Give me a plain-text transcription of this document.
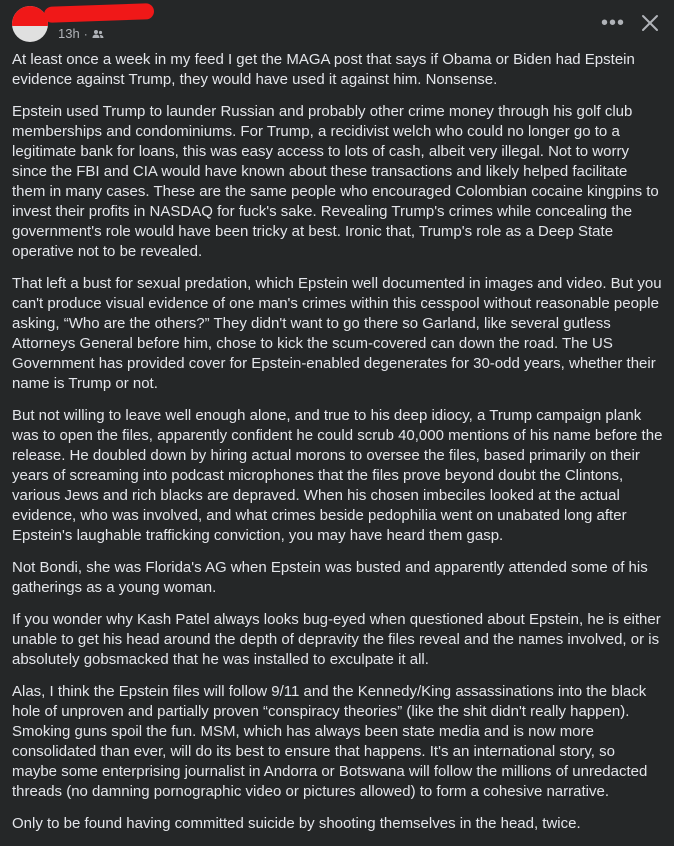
13h ·	•••

At least once a week in my feed I get the MAGA post that says if Obama or Biden had Epstein evidence against Trump, they would have used it against him. Nonsense.

Epstein used Trump to launder Russian and probably other crime money through his golf club memberships and condominiums. For Trump, a recidivist welch who could no longer go to a legitimate bank for loans, this was easy access to lots of cash, albeit very illegal. Not to worry since the FBI and CIA would have known about these transactions and likely helped facilitate them in many cases. These are the same people who encouraged Colombian cocaine kingpins to invest their profits in NASDAQ for fuck's sake. Revealing Trump's crimes while concealing the government's role would have been tricky at best. Ironic that, Trump's role as a Deep State operative not to be revealed.

That left a bust for sexual predation, which Epstein well documented in images and video. But you can't produce visual evidence of one man's crimes within this cesspool without reasonable people asking, “Who are the others?” They didn't want to go there so Garland, like several gutless Attorneys General before him, chose to kick the scum-covered can down the road. The US Government has provided cover for Epstein-enabled degenerates for 30-odd years, whether their name is Trump or not.

But not willing to leave well enough alone, and true to his deep idiocy, a Trump campaign plank was to open the files, apparently confident he could scrub 40,000 mentions of his name before the release. He doubled down by hiring actual morons to oversee the files, based primarily on their years of screaming into podcast microphones that the files prove beyond doubt the Clintons, various Jews and rich blacks are depraved. When his chosen imbeciles looked at the actual evidence, who was involved, and what crimes beside pedophilia went on unabated long after Epstein's laughable trafficking conviction, you may have heard them gasp.

Not Bondi, she was Florida's AG when Epstein was busted and apparently attended some of his gatherings as a young woman.

If you wonder why Kash Patel always looks bug-eyed when questioned about Epstein, he is either unable to get his head around the depth of depravity the files reveal and the names involved, or is absolutely gobsmacked that he was installed to exculpate it all.

Alas, I think the Epstein files will follow 9/11 and the Kennedy/King assassinations into the black hole of unproven and partially proven “conspiracy theories” (like the shit didn't really happen). Smoking guns spoil the fun. MSM, which has always been state media and is now more consolidated than ever, will do its best to ensure that happens. It's an international story, so maybe some enterprising journalist in Andorra or Botswana will follow the millions of unredacted threads (no damning pornographic video or pictures allowed) to form a cohesive narrative.

Only to be found having committed suicide by shooting themselves in the head, twice.
